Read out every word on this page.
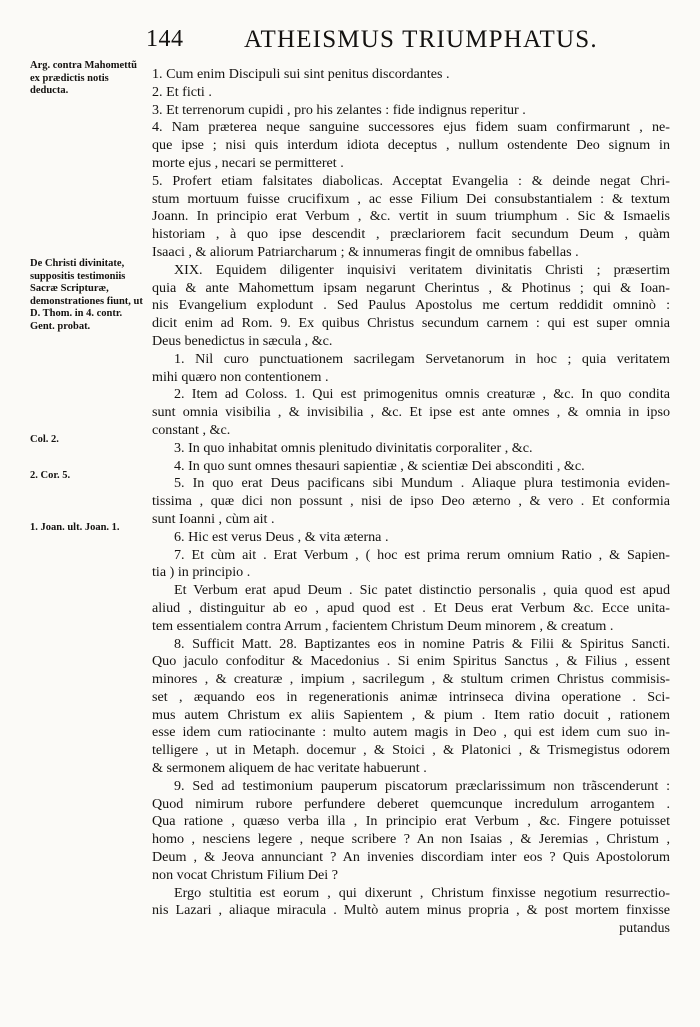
144 ATHEISMUS TRIUMPHATUS.
Arg. contra Mahomettũ ex prædictis notis deducta.
De Christi divinitate, suppositis testimoniis Sacræ Scripturæ, demonstrationes fiunt, ut D. Thom. in 4. contr. Gent. probat.
Col. 2.
2. Cor. 5.
1. Joan. ult. Joan. 1.
1. Cum enim Discipuli sui sint penitus discordantes .
2. Et ficti .
3. Et terrenorum cupidi , pro his zelantes : fide indignus reperitur .
4. Nam præterea neque sanguine successores ejus fidem suam confirmarunt , ne-
que ipse ; nisi quis interdum idiota deceptus , nullum ostendente Deo signum in
morte ejus , necari se permitteret .
5. Profert etiam falsitates diabolicas. Acceptat Evangelia : & deinde negat Chri-
stum mortuum fuisse crucifixum , ac esse Filium Dei consubstantialem : & textum
Joann. In principio erat Verbum , &c. vertit in suum triumphum . Sic & Ismaelis
historiam , à quo ipse descendit , præclariorem facit secundum Deum , quàm
Isaaci , & aliorum Patriarcharum ; & innumeras fingit de omnibus fabellas .
XIX. Equidem diligenter inquisivi veritatem divinitatis Christi ; præsertim
quia & ante Mahomettum ipsam negarunt Cherintus , & Photinus ; qui & Ioan-
nis Evangelium explodunt . Sed Paulus Apostolus me certum reddidit omninò :
dicit enim ad Rom. 9. Ex quibus Christus secundum carnem : qui est super omnia
Deus benedictus in sæcula , &c.
1. Nil curo punctuationem sacrilegam Servetanorum in hoc ; quia veritatem
mihi quæro non contentionem .
2. Item ad Coloss. 1. Qui est primogenitus omnis creaturæ , &c. In quo condita
sunt omnia visibilia , & invisibilia , &c. Et ipse est ante omnes , & omnia in ipso
constant , &c.
3. In quo inhabitat omnis plenitudo divinitatis corporaliter , &c.
4. In quo sunt omnes thesauri sapientiæ , & scientiæ Dei absconditi , &c.
5. In quo erat Deus pacificans sibi Mundum . Aliaque plura testimonia eviden-
tissima , quæ dici non possunt , nisi de ipso Deo æterno , & vero . Et conformia
sunt Ioanni , cùm ait .
6. Hic est verus Deus , & vita æterna .
7. Et cùm ait . Erat Verbum , ( hoc est prima rerum omnium Ratio , & Sapien-
tia ) in principio .
Et Verbum erat apud Deum . Sic patet distinctio personalis , quia quod est apud
aliud , distinguitur ab eo , apud quod est . Et Deus erat Verbum &c. Ecce unita-
tem essentialem contra Arrum , facientem Christum Deum minorem , & creatum .
8. Sufficit Matt. 28. Baptizantes eos in nomine Patris & Filii & Spiritus Sancti.
Quo jaculo confoditur & Macedonius . Si enim Spiritus Sanctus , & Filius , essent
minores , & creaturæ , impium , sacrilegum , & stultum crimen Christus commisis-
set , æquando eos in regenerationis animæ intrinseca divina operatione . Sci-
mus autem Christum ex aliis Sapientem , & pium . Item ratio docuit , rationem
esse idem cum ratiocinante : multo autem magis in Deo , qui est idem cum suo in-
telligere , ut in Metaph. docemur , & Stoici , & Platonici , & Trismegistus odorem
& sermonem aliquem de hac veritate habuerunt .
9. Sed ad testimonium pauperum piscatorum præclarissimum non trãscenderunt :
Quod nimirum rubore perfundere deberet quemcunque incredulum arrogantem .
Qua ratione , quæso verba illa , In principio erat Verbum , &c. Fingere potuisset
homo , nesciens legere , neque scribere ? An non Isaias , & Jeremias , Christum ,
Deum , & Jeova annunciant ? An invenies discordiam inter eos ? Quis Apostolorum
non vocat Christum Filium Dei ?
Ergo stultitia est eorum , qui dixerunt , Christum finxisse negotium resurrectio-
nis Lazari , aliaque miracula . Multò autem minus propria , & post mortem finxisse
putandus
